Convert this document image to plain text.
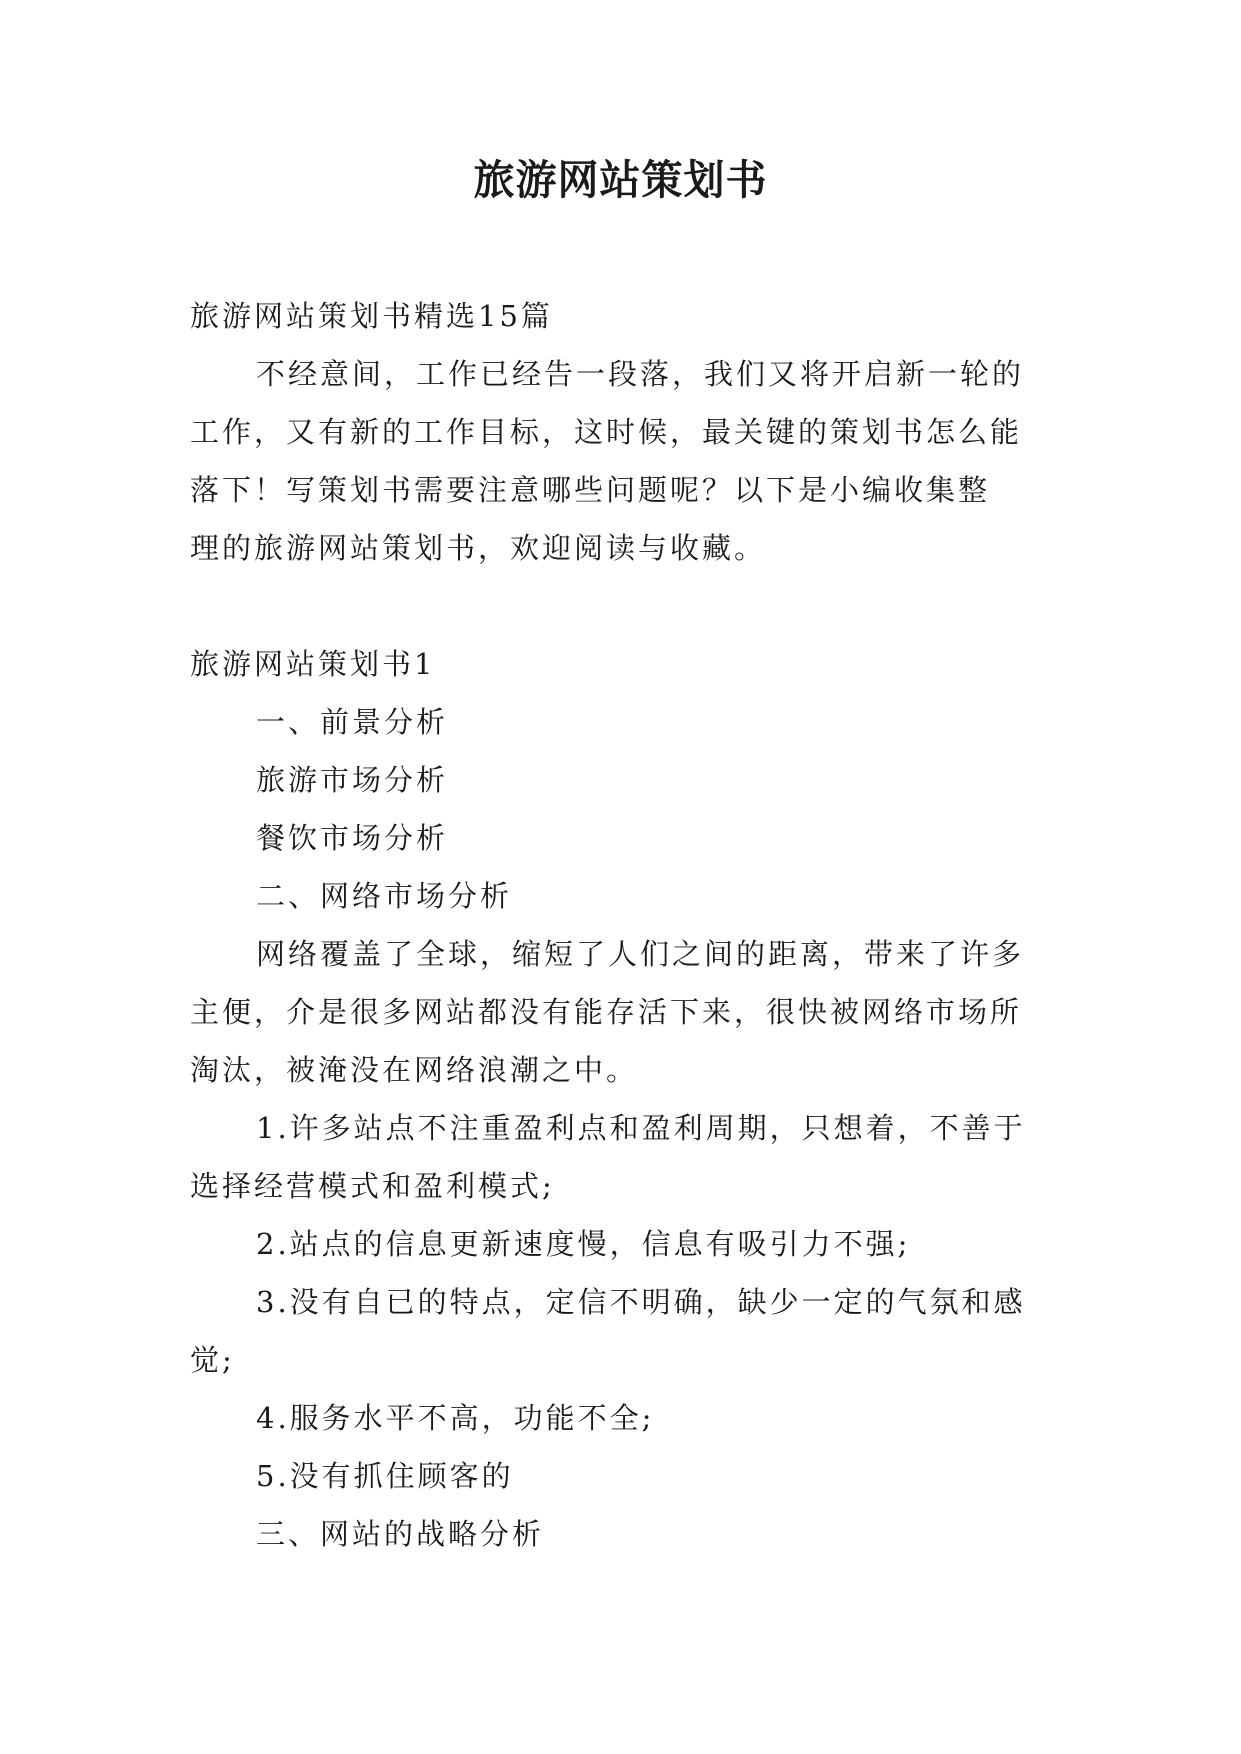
旅游网站策划书
旅游网站策划书精选15篇
不经意间，工作已经告一段落，我们又将开启新一轮的
工作，又有新的工作目标，这时候，最关键的策划书怎么能
落下！写策划书需要注意哪些问题呢？以下是小编收集整
理的旅游网站策划书，欢迎阅读与收藏。
旅游网站策划书1
一、前景分析
旅游市场分析
餐饮市场分析
二、网络市场分析
网络覆盖了全球，缩短了人们之间的距离，带来了许多
主便，介是很多网站都没有能存活下来，很快被网络市场所
淘汰，被淹没在网络浪潮之中。
1.许多站点不注重盈利点和盈利周期，只想着，不善于
选择经营模式和盈利模式;
2.站点的信息更新速度慢，信息有吸引力不强;
3.没有自已的特点，定信不明确，缺少一定的气氛和感
觉;
4.服务水平不高，功能不全;
5.没有抓住顾客的
三、网站的战略分析
